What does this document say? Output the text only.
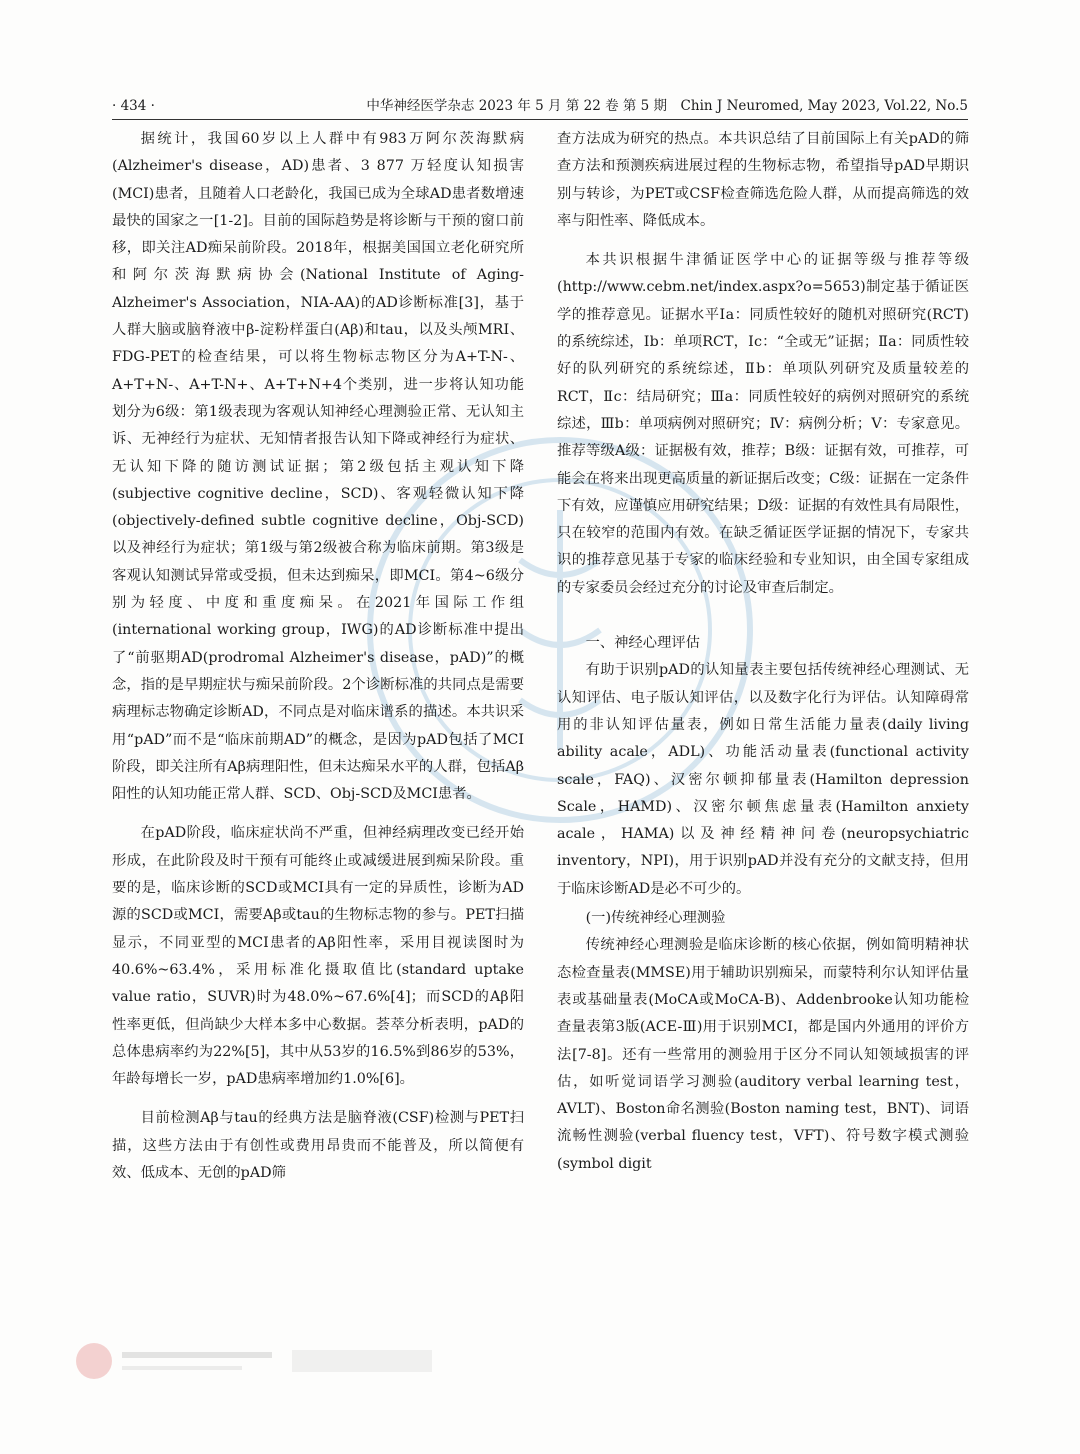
· 434 ·	中华神经医学杂志 2023 年 5 月 第 22 卷 第 5 期　Chin J Neuromed, May 2023, Vol.22, No.5

据统计，我国60岁以上人群中有983万阿尔茨海默病(Alzheimer's disease，AD)患者、3 877 万轻度认知损害(MCI)患者，且随着人口老龄化，我国已成为全球AD患者数增速最快的国家之一[1-2]。目前的国际趋势是将诊断与干预的窗口前移，即关注AD痴呆前阶段。2018年，根据美国国立老化研究所和阿尔茨海默病协会(National Institute of Aging-Alzheimer's Association，NIA-AA)的AD诊断标准[3]，基于人群大脑或脑脊液中β-淀粉样蛋白(Aβ)和tau，以及头颅MRI、FDG-PET的检查结果，可以将生物标志物区分为A+T-N-、A+T+N-、A+T-N+、A+T+N+4个类别，进一步将认知功能划分为6级：第1级表现为客观认知神经心理测验正常、无认知主诉、无神经行为症状、无知情者报告认知下降或神经行为症状、无认知下降的随访测试证据；第2级包括主观认知下降(subjective cognitive decline，SCD)、客观轻微认知下降(objectively-defined subtle cognitive decline，Obj-SCD)以及神经行为症状；第1级与第2级被合称为临床前期。第3级是客观认知测试异常或受损，但未达到痴呆，即MCI。第4~6级分别为轻度、中度和重度痴呆。在2021年国际工作组(international working group，IWG)的AD诊断标准中提出了“前驱期AD(prodromal Alzheimer's disease，pAD)”的概念，指的是早期症状与痴呆前阶段。2个诊断标准的共同点是需要病理标志物确定诊断AD，不同点是对临床谱系的描述。本共识采用“pAD”而不是“临床前期AD”的概念，是因为pAD包括了MCI阶段，即关注所有Aβ病理阳性，但未达痴呆水平的人群，包括Aβ阳性的认知功能正常人群、SCD、Obj-SCD及MCI患者。

在pAD阶段，临床症状尚不严重，但神经病理改变已经开始形成，在此阶段及时干预有可能终止或减缓进展到痴呆阶段。重要的是，临床诊断的SCD或MCI具有一定的异质性，诊断为AD源的SCD或MCI，需要Aβ或tau的生物标志物的参与。PET扫描显示，不同亚型的MCI患者的Aβ阳性率，采用目视读图时为40.6%~63.4%，采用标准化摄取值比(standard uptake value ratio，SUVR)时为48.0%~67.6%[4]；而SCD的Aβ阳性率更低，但尚缺少大样本多中心数据。荟萃分析表明，pAD的总体患病率约为22%[5]，其中从53岁的16.5%到86岁的53%，年龄每增长一岁，pAD患病率增加约1.0%[6]。

目前检测Aβ与tau的经典方法是脑脊液(CSF)检测与PET扫描，这些方法由于有创性或费用昂贵而不能普及，所以简便有效、低成本、无创的pAD筛

查方法成为研究的热点。本共识总结了目前国际上有关pAD的筛查方法和预测疾病进展过程的生物标志物，希望指导pAD早期识别与转诊，为PET或CSF检查筛选危险人群，从而提高筛选的效率与阳性率、降低成本。

本共识根据牛津循证医学中心的证据等级与推荐等级(http://www.cebm.net/index.aspx?o=5653)制定基于循证医学的推荐意见。证据水平Ⅰa：同质性较好的随机对照研究(RCT)的系统综述，Ⅰb：单项RCT，Ⅰc：“全或无”证据；Ⅱa：同质性较好的队列研究的系统综述，Ⅱb：单项队列研究及质量较差的RCT，Ⅱc：结局研究；Ⅲa：同质性较好的病例对照研究的系统综述，Ⅲb：单项病例对照研究；Ⅳ：病例分析；Ⅴ：专家意见。推荐等级A级：证据极有效，推荐；B级：证据有效，可推荐，可能会在将来出现更高质量的新证据后改变；C级：证据在一定条件下有效，应谨慎应用研究结果；D级：证据的有效性具有局限性，只在较窄的范围内有效。在缺乏循证医学证据的情况下，专家共识的推荐意见基于专家的临床经验和专业知识，由全国专家组成的专家委员会经过充分的讨论及审查后制定。

一、神经心理评估

有助于识别pAD的认知量表主要包括传统神经心理测试、无认知评估、电子版认知评估，以及数字化行为评估。认知障碍常用的非认知评估量表，例如日常生活能力量表(daily living ability acale，ADL)、功能活动量表(functional activity scale，FAQ)、汉密尔顿抑郁量表(Hamilton depression Scale，HAMD)、汉密尔顿焦虑量表(Hamilton anxiety acale，HAMA)以及神经精神问卷(neuropsychiatric inventory，NPI)，用于识别pAD并没有充分的文献支持，但用于临床诊断AD是必不可少的。

(一)传统神经心理测验

传统神经心理测验是临床诊断的核心依据，例如简明精神状态检查量表(MMSE)用于辅助识别痴呆，而蒙特利尔认知评估量表或基础量表(MoCA或MoCA-B)、Addenbrooke认知功能检查量表第3版(ACE-Ⅲ)用于识别MCI，都是国内外通用的评价方法[7-8]。还有一些常用的测验用于区分不同认知领域损害的评估，如听觉词语学习测验(auditory verbal learning test，AVLT)、Boston命名测验(Boston naming test，BNT)、词语流畅性测验(verbal fluency test，VFT)、符号数字模式测验(symbol digit
